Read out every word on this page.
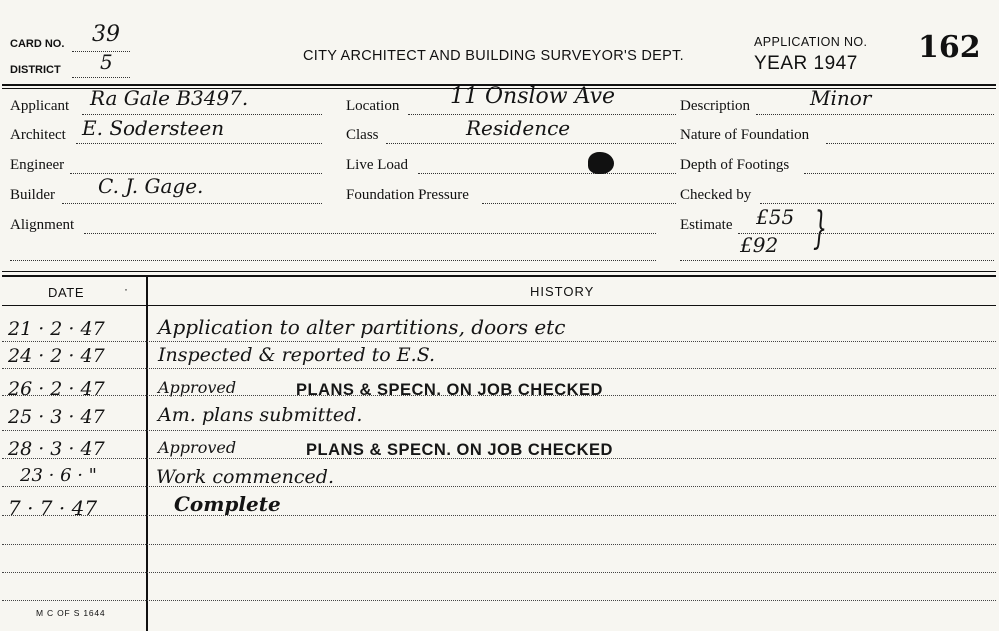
CARD NO. 39
DISTRICT 5	CITY ARCHITECT AND BUILDING SURVEYOR'S DEPT.
APPLICATION NO. 162
YEAR 1947
Applicant Ra Gale B3497.
Architect E. Sodersteen
Engineer
Builder C. J. Gage.
Alignment
Location 11 Onslow Ave
Class	Residence
Live Load
Foundation Pressure
Description	Minor
Nature of Foundation
Depth of Footings
Checked by
Estimate £55
£92 }
DATE	·	HISTORY
21 · 2 · 47	Application to alter partitions, doors etc
24 · 2 · 47	Inspected & reported to E.S.
26 · 2 · 47	Approved	PLANS & SPECN. ON JOB CHECKED
25 · 3 · 47	Am. plans submitted.
28 · 3 · 47	Approved	PLANS & SPECN. ON JOB CHECKED
23 · 6 · "	Work commenced.
7 · 7 · 47	Complete
M C OF S 1644
